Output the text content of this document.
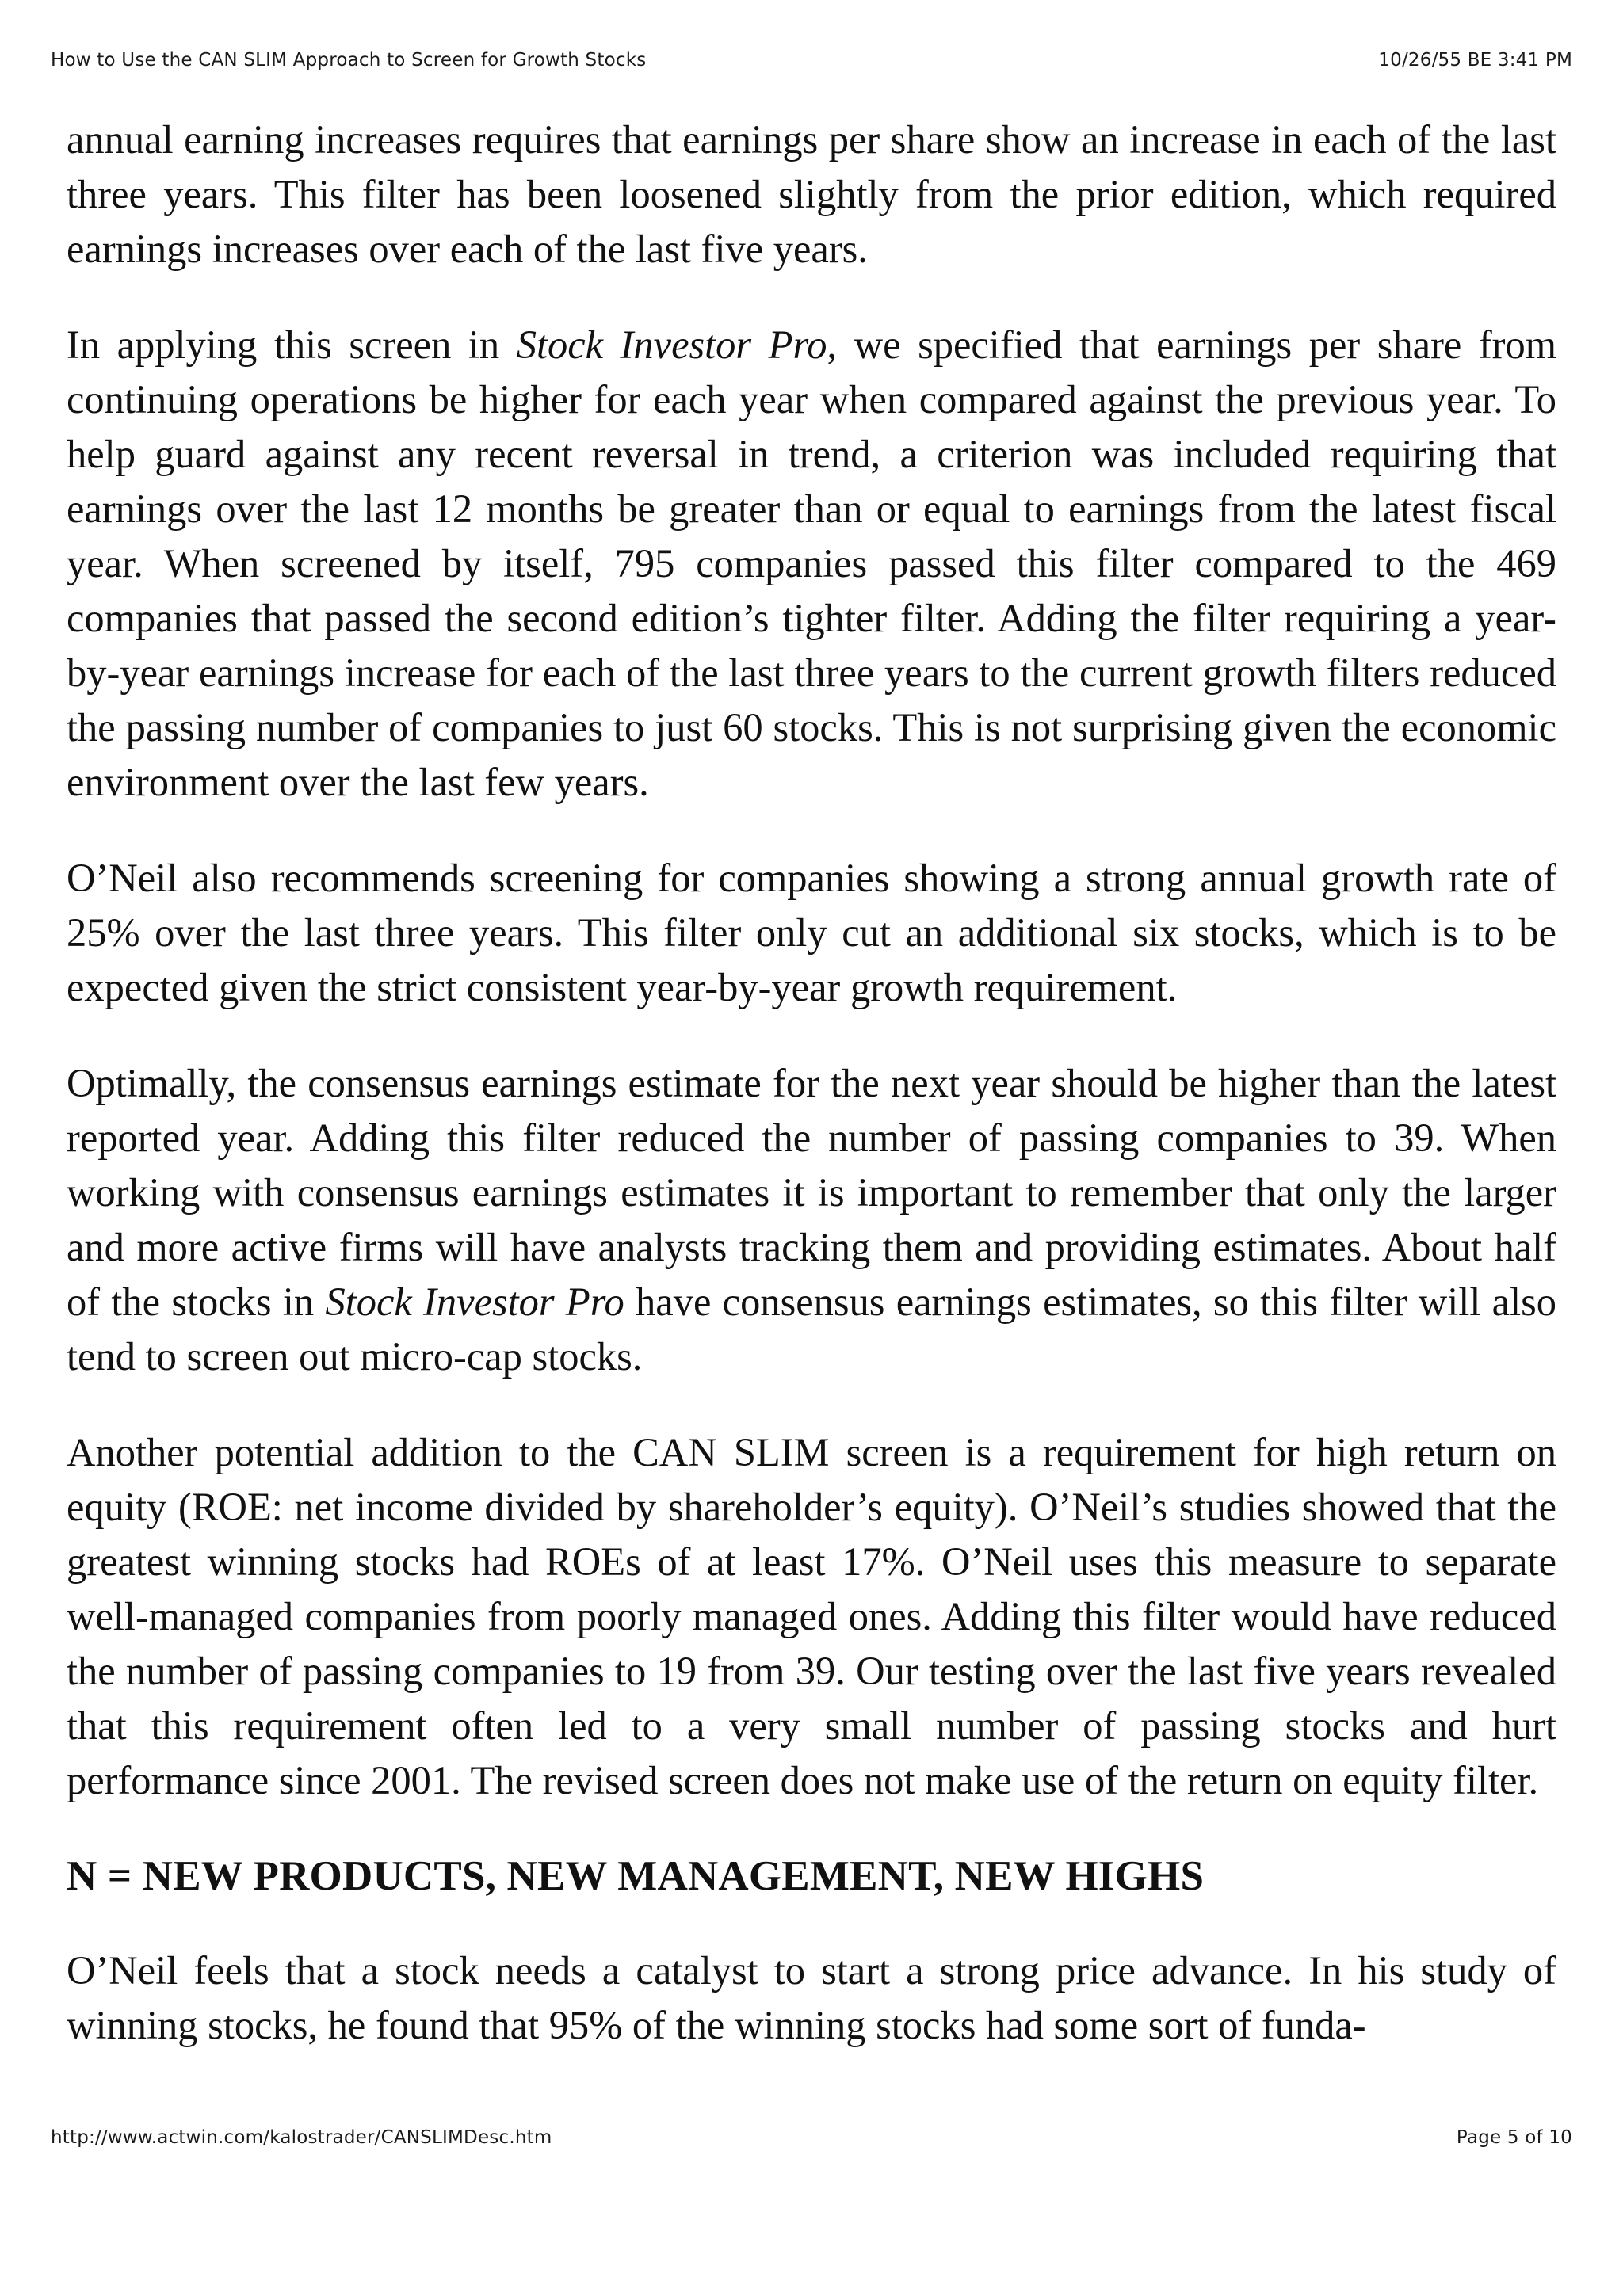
How to Use the CAN SLIM Approach to Screen for Growth Stocks	10/26/55 BE 3:41 PM

annual earning increases requires that earnings per share show an increase in each of the last three years. This filter has been loosened slightly from the prior edition, which required earnings increases over each of the last five years.

In applying this screen in Stock Investor Pro, we specified that earnings per share from continuing operations be higher for each year when compared against the previous year. To help guard against any recent reversal in trend, a criterion was included requiring that earnings over the last 12 months be greater than or equal to earnings from the latest fiscal year. When screened by itself, 795 companies passed this filter compared to the 469 companies that passed the second edition’s tighter filter. Adding the filter requiring a year-by-year earnings increase for each of the last three years to the current growth filters reduced the passing number of companies to just 60 stocks. This is not surprising given the economic environment over the last few years.

O’Neil also recommends screening for companies showing a strong annual growth rate of 25% over the last three years. This filter only cut an additional six stocks, which is to be expected given the strict consistent year-by-year growth requirement.

Optimally, the consensus earnings estimate for the next year should be higher than the latest reported year. Adding this filter reduced the number of passing companies to 39. When working with consensus earnings estimates it is important to remember that only the larger and more active firms will have analysts tracking them and providing estimates. About half of the stocks in Stock Investor Pro have consensus earnings estimates, so this filter will also tend to screen out micro-cap stocks.

Another potential addition to the CAN SLIM screen is a requirement for high return on equity (ROE: net income divided by shareholder’s equity). O’Neil’s studies showed that the greatest winning stocks had ROEs of at least 17%. O’Neil uses this measure to separate well-managed companies from poorly managed ones. Adding this filter would have reduced the number of passing companies to 19 from 39. Our testing over the last five years revealed that this requirement often led to a very small number of passing stocks and hurt performance since 2001. The revised screen does not make use of the return on equity filter.

N = NEW PRODUCTS, NEW MANAGEMENT, NEW HIGHS

O’Neil feels that a stock needs a catalyst to start a strong price advance. In his study of winning stocks, he found that 95% of the winning stocks had some sort of funda-

http://www.actwin.com/kalostrader/CANSLIMDesc.htm	Page 5 of 10
